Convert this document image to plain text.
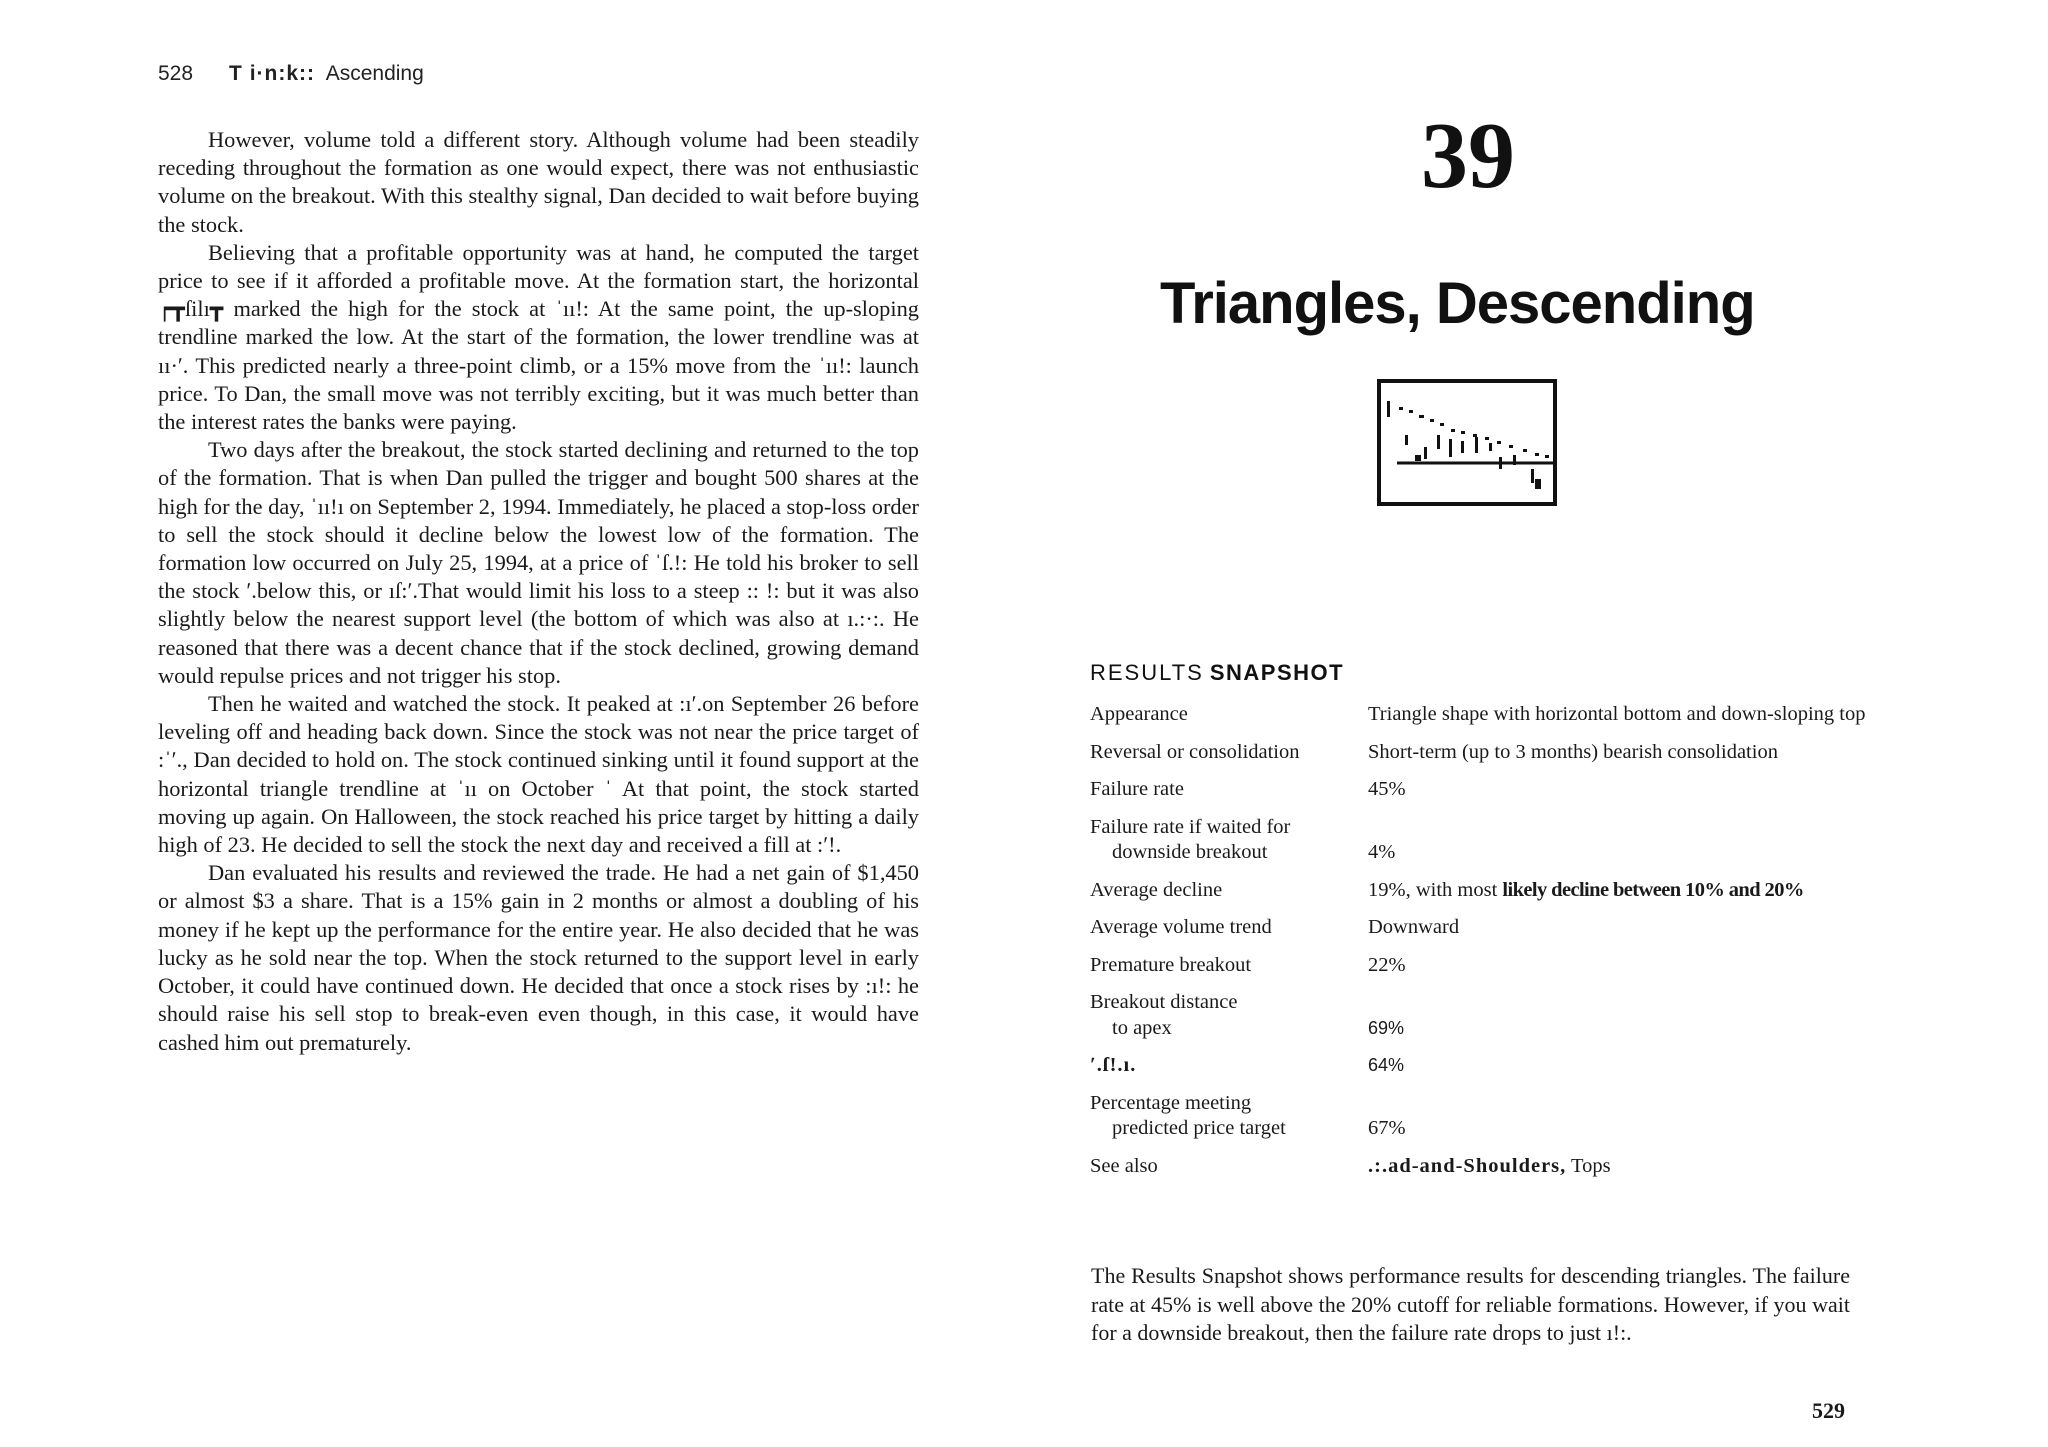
528 T i·n:k:: Ascending

However, volume told a different story. Although volume had been steadily receding throughout the formation as one would expect, there was not enthusiastic volume on the breakout. With this stealthy signal, Dan decided to wait before buying the stock.

Believing that a profitable opportunity was at hand, he computed the target price to see if it afforded a profitable move. At the formation start, the horizontal ┍┳ſilı┳ marked the high for the stock at ˈıı!: At the same point, the up-sloping trendline marked the low. At the start of the formation, the lower trendline was at ıı·ʹ. This predicted nearly a three-point climb, or a 15% move from the ˈıı!: launch price. To Dan, the small move was not terribly exciting, but it was much better than the interest rates the banks were paying.

Two days after the breakout, the stock started declining and returned to the top of the formation. That is when Dan pulled the trigger and bought 500 shares at the high for the day, ˈıı!ı on September 2, 1994. Immediately, he placed a stop-loss order to sell the stock should it decline below the lowest low of the formation. The formation low occurred on July 25, 1994, at a price of ˈſ.!: He told his broker to sell the stock ʹ.below this, or ıſ:ʹ.That would limit his loss to a steep :: !: but it was also slightly below the nearest support level (the bottom of which was also at ı.:·:. He reasoned that there was a decent chance that if the stock declined, growing demand would repulse prices and not trigger his stop.

Then he waited and watched the stock. It peaked at :ıʹ.on September 26 before leveling off and heading back down. Since the stock was not near the price target of :ˈʹ., Dan decided to hold on. The stock continued sinking until it found support at the horizontal triangle trendline at ˈıı on October ˈ At that point, the stock started moving up again. On Halloween, the stock reached his price target by hitting a daily high of 23. He decided to sell the stock the next day and received a fill at :ʹ!.

Dan evaluated his results and reviewed the trade. He had a net gain of $1,450 or almost $3 a share. That is a 15% gain in 2 months or almost a doubling of his money if he kept up the performance for the entire year. He also decided that he was lucky as he sold near the top. When the stock returned to the support level in early October, it could have continued down. He decided that once a stock rises by :ı!: he should raise his sell stop to break-even even though, in this case, it would have cashed him out prematurely.

39
Triangles, Descending
RESULTS SNAPSHOT
Appearance	Triangle shape with horizontal bottom and down-sloping top
Reversal or consolidation	Short-term (up to 3 months) bearish consolidation
Failure rate	45%
Failure rate if waited for
downside breakout	4%
Average decline	19%, with most likely decline between 10% and 20%
Average volume trend	Downward
Premature breakout	22%
Breakout distance
to apex	69%
ʹ.ſ!.ı.	64%
Percentage meeting
predicted price target	67%
See also	.:.ad-and-Shoulders, Tops

The Results Snapshot shows performance results for descending triangles. The failure rate at 45% is well above the 20% cutoff for reliable formations. However, if you wait for a downside breakout, then the failure rate drops to just ı!:.

529
